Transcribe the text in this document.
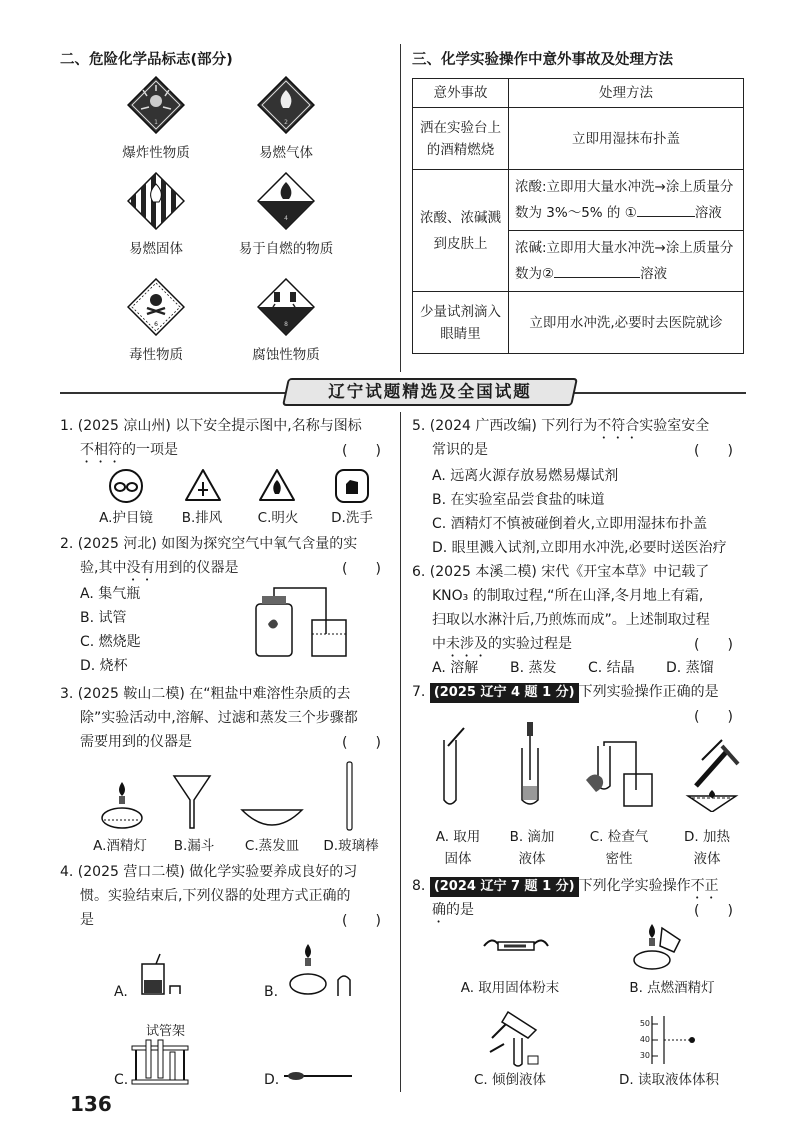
二、危险化学品标志(部分)
1	2
爆炸性物质	易燃气体
4
易燃固体	易于自燃的物质
6	8
毒性物质	腐蚀性物质
三、化学实验操作中意外事故及处理方法
意外事故	处理方法
洒在实验台上的酒精燃烧	立即用湿抹布扑盖
浓酸、浓碱溅到皮肤上	浓酸:立即用大量水冲洗→涂上质量分数为 3%～5% 的 ① 溶液
	浓碱:立即用大量水冲洗→涂上质量分数为② 溶液
少量试剂滴入眼睛里	立即用水冲洗,必要时去医院就诊
辽宁试题精选及全国试题
1. (2025 凉山州) 以下安全提示图中,名称与图标
不相符的一项是	(　　)
A.护目镜	B.排风	C.明火	D.洗手
2. (2025 河北) 如图为探究空气中氧气含量的实
验,其中没有用到的仪器是	(　　)
A. 集气瓶
B. 试管
C. 燃烧匙
D. 烧杯
3. (2025 鞍山二模) 在“粗盐中难溶性杂质的去
除”实验活动中,溶解、过滤和蒸发三个步骤都
需要用到的仪器是	(　　)
A.酒精灯	B.漏斗	C.蒸发皿	D.玻璃棒
4. (2025 营口二模) 做化学实验要养成良好的习
惯。实验结束后,下列仪器的处理方式正确的
是	(　　)
A.	B.
试管架
C.	D.
5. (2024 广西改编) 下列行为不符合实验室安全
常识的是	(　　)
A. 远离火源存放易燃易爆试剂
B. 在实验室品尝食盐的味道
C. 酒精灯不慎被碰倒着火,立即用湿抹布扑盖
D. 眼里溅入试剂,立即用水冲洗,必要时送医治疗
6. (2025 本溪二模) 宋代《开宝本草》中记载了
KNO₃ 的制取过程,“所在山泽,冬月地上有霜,
扫取以水淋汁后,乃煎炼而成”。上述制取过程
中未涉及的实验过程是	(　　)
A. 溶解 B. 蒸发 C. 结晶 D. 蒸馏
7. (2025 辽宁 4 题 1 分) 下列实验操作正确的是
(　　)
A. 取用
固体
B. 滴加
液体
C. 检查气
密性
D. 加热
液体
8. (2024 辽宁 7 题 1 分) 下列化学实验操作不正
确的是	(　　)
A. 取用固体粉末	B. 点燃酒精灯
50
40
30
C. 倾倒液体	D. 读取液体体积
136
